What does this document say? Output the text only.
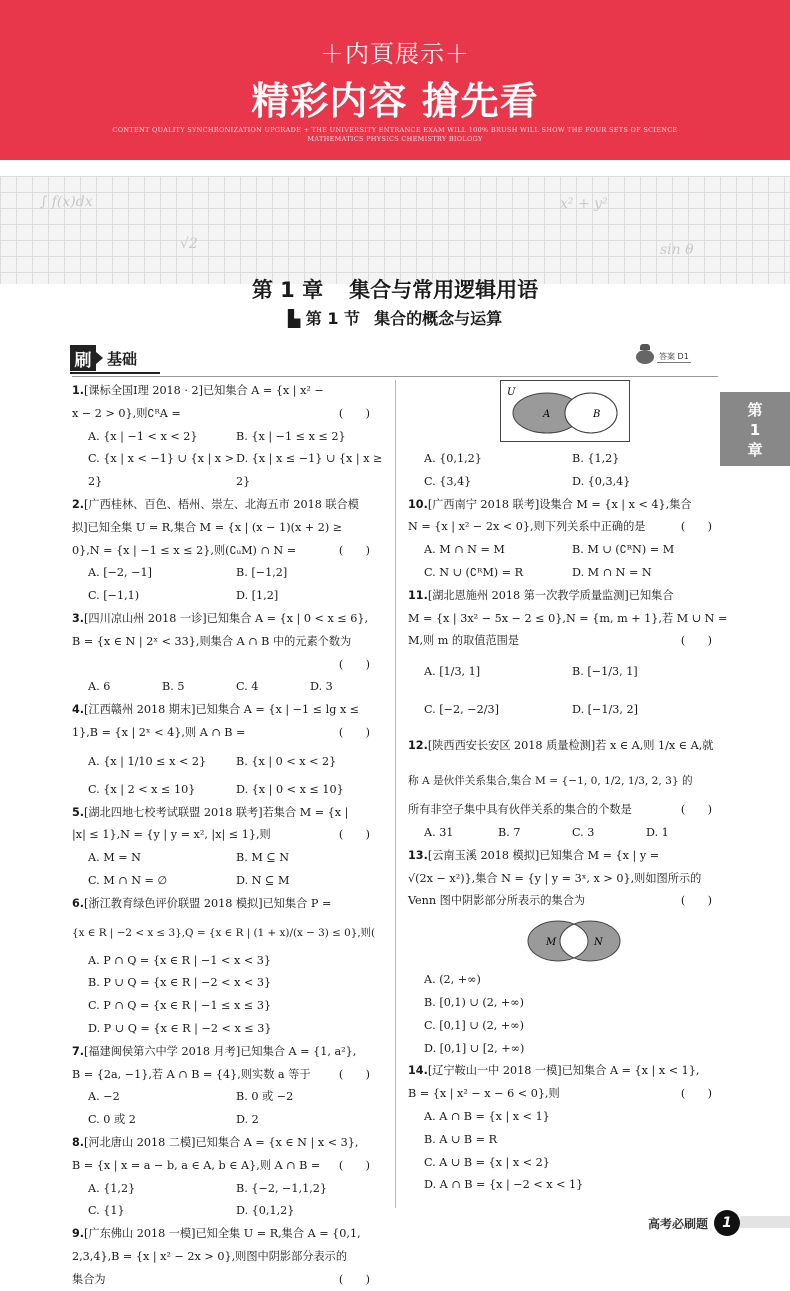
＋内頁展示＋
精彩内容 搶先看
CONTENT QUALITY SYNCHRONIZATION UPGRADE + THE UNIVERSITY ENTRANCE EXAM WILL 100% BRUSH WILL SHOW THE FOUR SETS OF SCIENCE
MATHEMATICS PHYSICS CHEMISTRY BIOLOGY
∫ f(x)dx
√2
x² + y²
sin θ
第 1 章 集合与常用逻辑用语
▙ 第 1 节 集合的概念与运算
刷	基础	答案 D1
第
1
章
1.[课标全国Ⅰ理 2018 · 2]已知集合 A = {x | x² −
x − 2 > 0},则∁ᴿA =	(　　)
A. {x | −1 < x < 2}	B. {x | −1 ≤ x ≤ 2}
C. {x | x < −1} ∪ {x | x > 2}
D. {x | x ≤ −1} ∪ {x | x ≥ 2}
2.[广西桂林、百色、梧州、崇左、北海五市 2018 联合模
拟]已知全集 U = R,集合 M = {x | (x − 1)(x + 2) ≥
0},N = {x | −1 ≤ x ≤ 2},则(∁ᵤM) ∩ N =	(　　)
A. [−2, −1]	B. [−1,2]
C. [−1,1)	D. [1,2]
3.[四川凉山州 2018 一诊]已知集合 A = {x | 0 < x ≤ 6},
B = {x ∈ N | 2ˣ < 33},则集合 A ∩ B 中的元素个数为
(　　)
A. 6	B. 5	C. 4	D. 3
4.[江西赣州 2018 期末]已知集合 A = {x | −1 ≤ lg x ≤
1},B = {x | 2ˣ < 4},则 A ∩ B =	(　　)
A. {x | 1/10 ≤ x < 2}	B. {x | 0 < x < 2}
C. {x | 2 < x ≤ 10}	D. {x | 0 < x ≤ 10}
5.[湖北四地七校考试联盟 2018 联考]若集合 M = {x |
|x| ≤ 1},N = {y | y = x², |x| ≤ 1},则	(　　)
A. M = N	B. M ⊆ N
C. M ∩ N = ∅	D. N ⊆ M
6.[浙江教育绿色评价联盟 2018 模拟]已知集合 P =
{x ∈ R | −2 < x ≤ 3},Q = {x ∈ R | (1 + x)/(x − 3) ≤ 0},则(
A. P ∩ Q = {x ∈ R | −1 < x < 3}
B. P ∪ Q = {x ∈ R | −2 < x < 3}
C. P ∩ Q = {x ∈ R | −1 ≤ x ≤ 3}
D. P ∪ Q = {x ∈ R | −2 < x ≤ 3}
7.[福建闽侯第六中学 2018 月考]已知集合 A = {1, a²},
B = {2a, −1},若 A ∩ B = {4},则实数 a 等于	(　　)
A. −2	B. 0 或 −2
C. 0 或 2	D. 2
8.[河北唐山 2018 二模]已知集合 A = {x ∈ N | x < 3},
B = {x | x = a − b, a ∈ A, b ∈ A},则 A ∩ B = (　　)
A. {1,2}	B. {−2, −1,1,2}
C. {1}	D. {0,1,2}
9.[广东佛山 2018 一模]已知全集 U = R,集合 A = {0,1,
2,3,4},B = {x | x² − 2x > 0},则图中阴影部分表示的
集合为	(　　)
U
A	B
A. {0,1,2}	B. {1,2}
C. {3,4}	D. {0,3,4}
10.[广西南宁 2018 联考]设集合 M = {x | x < 4},集合
N = {x | x² − 2x < 0},则下列关系中正确的是	(　　)
A. M ∩ N = M	B. M ∪ (∁ᴿN) = M
C. N ∪ (∁ᴿM) = R	D. M ∩ N = N
11.[湖北恩施州 2018 第一次教学质量监测]已知集合
M = {x | 3x² − 5x − 2 ≤ 0},N = {m, m + 1},若 M ∪ N =
M,则 m 的取值范围是	(　　)
A. [1/3, 1]	B. [−1/3, 1]
C. [−2, −2/3]	D. [−1/3, 2]
12.[陕西西安长安区 2018 质量检测]若 x ∈ A,则 1/x ∈ A,就
称 A 是伙伴关系集合,集合 M = {−1, 0, 1/2, 1/3, 2, 3} 的
所有非空子集中具有伙伴关系的集合的个数是	(　　)
A. 31	B. 7	C. 3	D. 1
13.[云南玉溪 2018 模拟]已知集合 M = {x | y =
√(2x − x²)},集合 N = {y | y = 3ˣ, x > 0},则如图所示的
Venn 图中阴影部分所表示的集合为	(　　)
M	N
A. (2, +∞)
B. [0,1) ∪ (2, +∞)
C. [0,1] ∪ (2, +∞)
D. [0,1] ∪ [2, +∞)
14.[辽宁鞍山一中 2018 一模]已知集合 A = {x | x < 1},
B = {x | x² − x − 6 < 0},则	(　　)
A. A ∩ B = {x | x < 1}
B. A ∪ B = R
C. A ∪ B = {x | x < 2}
D. A ∩ B = {x | −2 < x < 1}
高考必刷题	1
